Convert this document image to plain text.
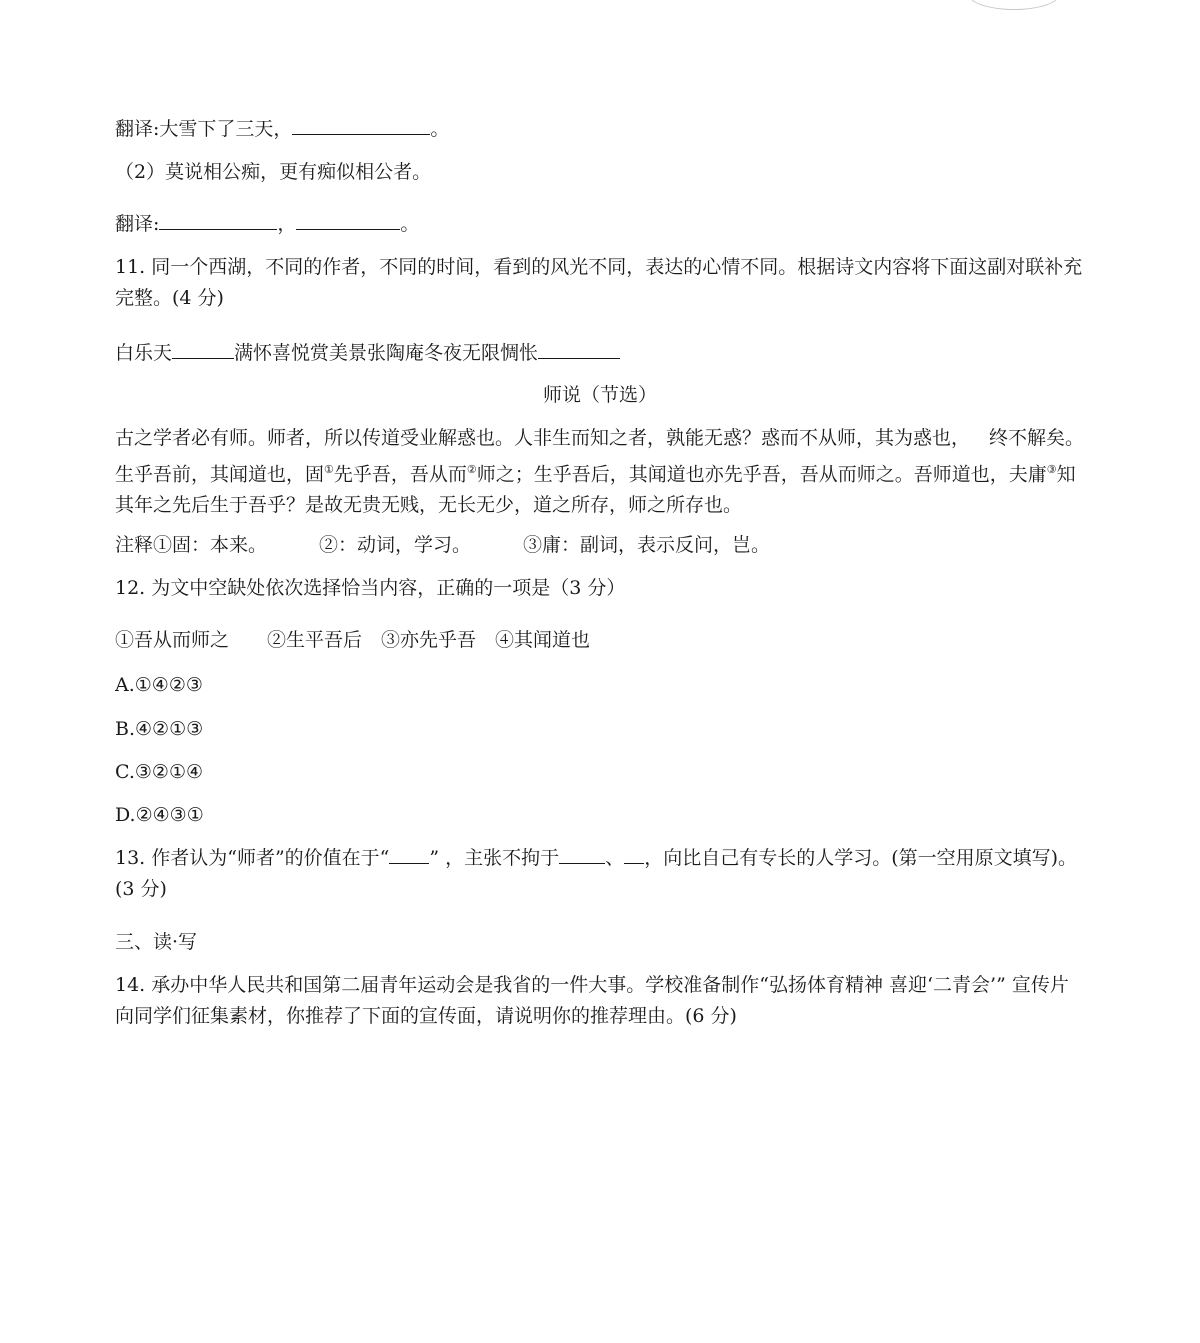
翻译:大雪下了三天，	。
（2）莫说相公痴，更有痴似相公者。
翻译:	，	。
11. 同一个西湖，不同的作者，不同的时间，看到的风光不同，表达的心情不同。根据诗文内容将下面这副对联补充完整。(4 分)
白乐天	满怀喜悦赏美景张陶庵冬夜无限惆怅
师说（节选）
古之学者必有师。师者，所以传道受业解惑也。人非生而知之者，孰能无惑？惑而不从师，其为惑也，  终不解矣。生乎吾前，其闻道也，固①先乎吾，吾从而②师之；生乎吾后，其闻道也亦先乎吾，吾从而师之。吾师道也，夫庸③知其年之先后生于吾乎？是故无贵无贱，无长无少，道之所存，师之所存也。
注释①固：本来。	②：动词，学习。	③庸：副词，表示反问，岂。
12. 为文中空缺处依次选择恰当内容，正确的一项是（3 分）
①吾从而师之　　②生平吾后　③亦先乎吾　④其闻道也
A.①④②③
B.④②①③
C.③②①④
D.②④③①
13. 作者认为“师者”的价值在于“ ” ，主张不拘于 、 ，向比自己有专长的人学习。(第一空用原文填写)。(3 分)
三、读·写
14. 承办中华人民共和国第二届青年运动会是我省的一件大事。学校准备制作“弘扬体育精神 喜迎‘二青会’” 宣传片向同学们征集素材，你推荐了下面的宣传面，请说明你的推荐理由。(6 分)
